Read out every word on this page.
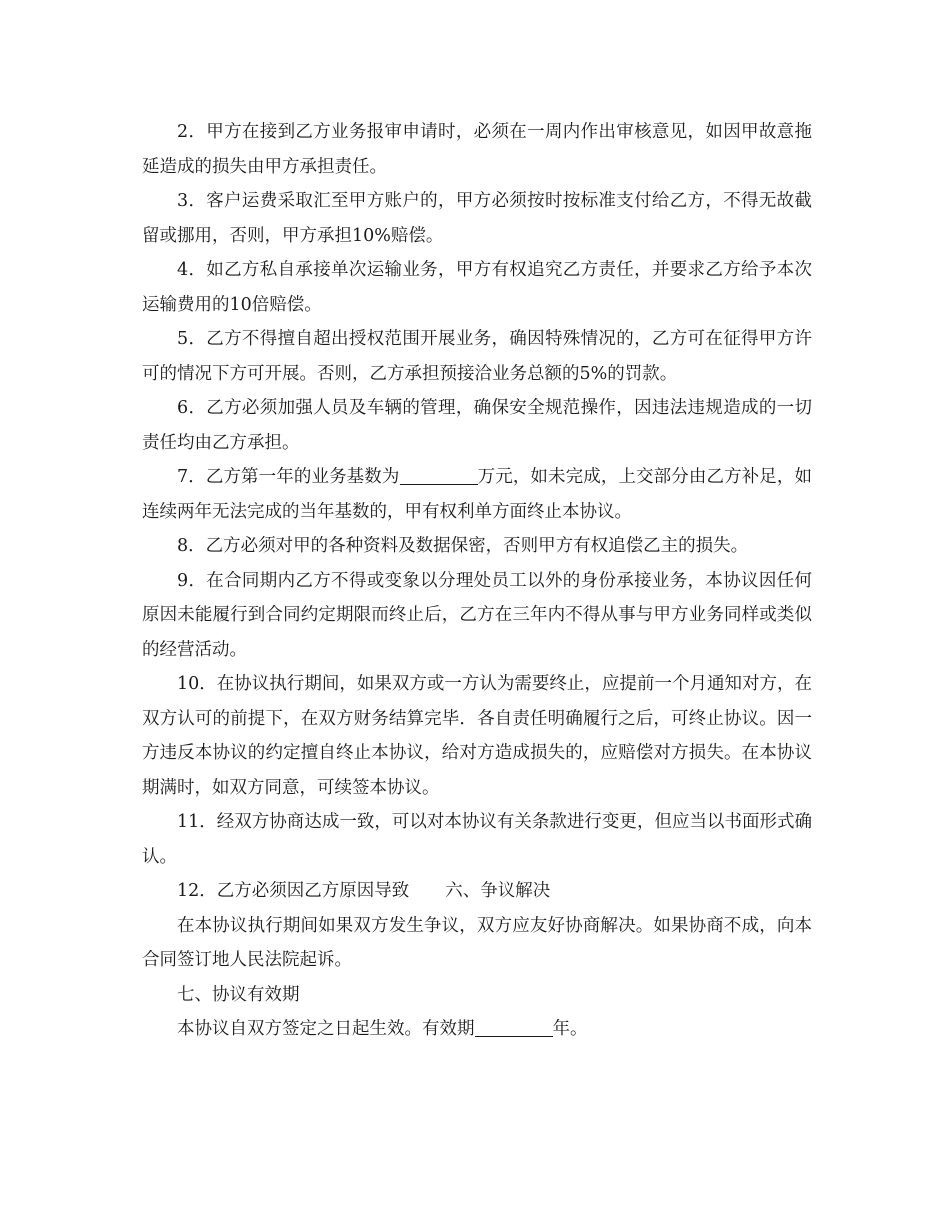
2．甲方在接到乙方业务报审申请时，必须在一周内作出审核意见，如因甲故意拖延造成的损失由甲方承担责任。

3．客户运费采取汇至甲方账户的，甲方必须按时按标准支付给乙方，不得无故截留或挪用，否则，甲方承担10%赔偿。

4．如乙方私自承接单次运输业务，甲方有权追究乙方责任，并要求乙方给予本次运输费用的10倍赔偿。

5．乙方不得擅自超出授权范围开展业务，确因特殊情况的，乙方可在征得甲方许可的情况下方可开展。否则，乙方承担预接洽业务总额的5%的罚款。

6．乙方必须加强人员及车辆的管理，确保安全规范操作，因违法违规造成的一切责任均由乙方承担。

7．乙方第一年的业务基数为	万元，如未完成，上交部分由乙方补足，如连续两年无法完成的当年基数的，甲有权利单方面终止本协议。

8．乙方必须对甲的各种资料及数据保密，否则甲方有权追偿乙主的损失。

9．在合同期内乙方不得或变象以分理处员工以外的身份承接业务，本协议因任何原因未能履行到合同约定期限而终止后，乙方在三年内不得从事与甲方业务同样或类似的经营活动。

10．在协议执行期间，如果双方或一方认为需要终止，应提前一个月通知对方，在双方认可的前提下，在双方财务结算完毕．各自责任明确履行之后，可终止协议。因一方违反本协议的约定擅自终止本协议，给对方造成损失的，应赔偿对方损失。在本协议期满时，如双方同意，可续签本协议。

11．经双方协商达成一致，可以对本协议有关条款进行变更，但应当以书面形式确认。

12．乙方必须因乙方原因导致 六、争议解决

在本协议执行期间如果双方发生争议，双方应友好协商解决。如果协商不成，向本合同签订地人民法院起诉。

七、协议有效期

本协议自双方签定之日起生效。有效期	年。
